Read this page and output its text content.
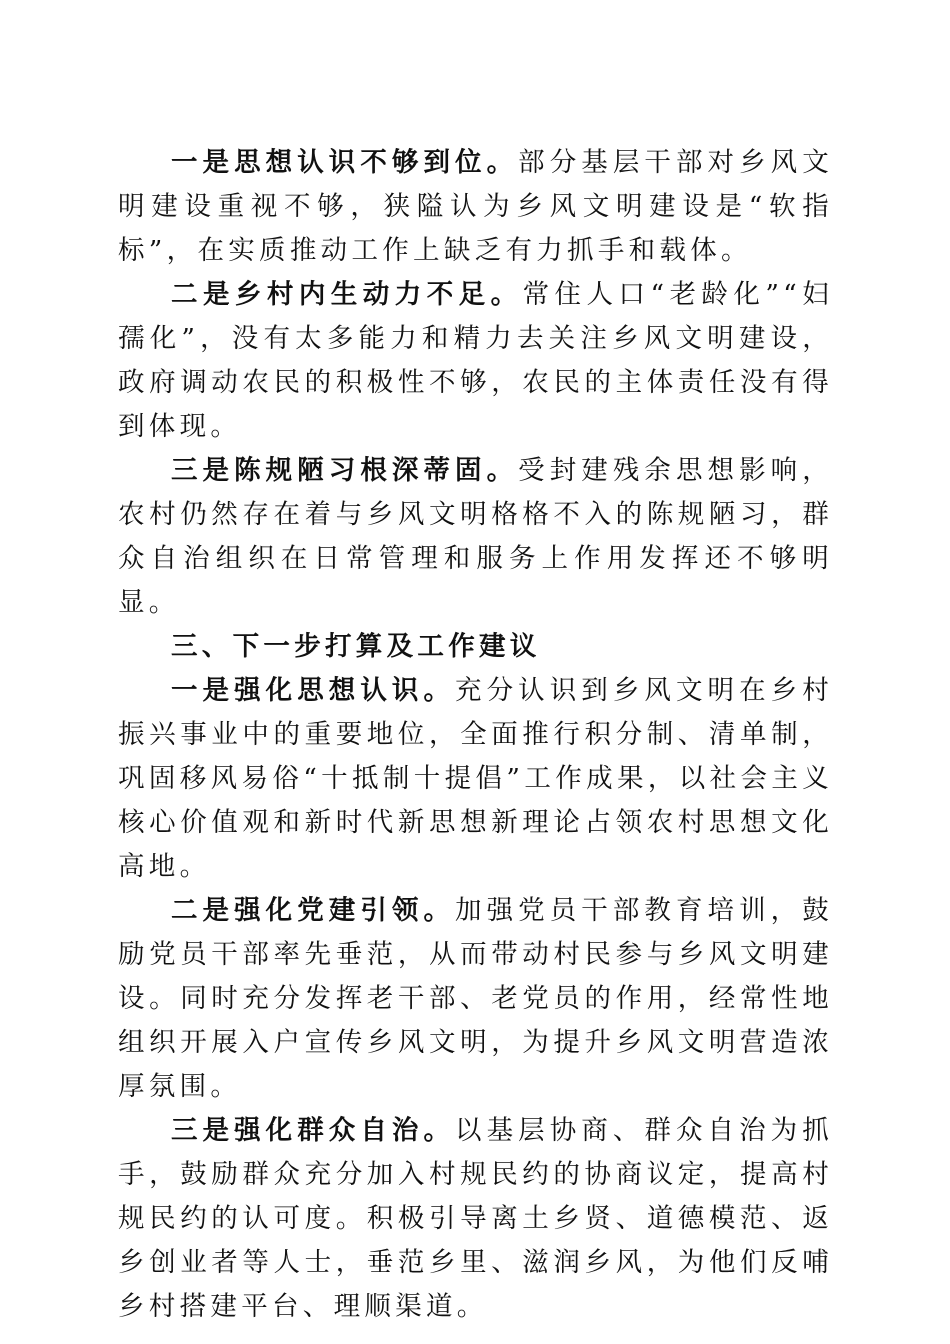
一是思想认识不够到位。部分基层干部对乡风文明建设重视不够，狭隘认为乡风文明建设是“软指标”，在实质推动工作上缺乏有力抓手和载体。

二是乡村内生动力不足。常住人口“老龄化”“妇孺化”，没有太多能力和精力去关注乡风文明建设，政府调动农民的积极性不够，农民的主体责任没有得到体现。

三是陈规陋习根深蒂固。受封建残余思想影响，农村仍然存在着与乡风文明格格不入的陈规陋习，群众自治组织在日常管理和服务上作用发挥还不够明显。

三、下一步打算及工作建议

一是强化思想认识。充分认识到乡风文明在乡村振兴事业中的重要地位，全面推行积分制、清单制，巩固移风易俗“十抵制十提倡”工作成果，以社会主义核心价值观和新时代新思想新理论占领农村思想文化高地。

二是强化党建引领。加强党员干部教育培训，鼓励党员干部率先垂范，从而带动村民参与乡风文明建设。同时充分发挥老干部、老党员的作用，经常性地组织开展入户宣传乡风文明，为提升乡风文明营造浓厚氛围。

三是强化群众自治。以基层协商、群众自治为抓手，鼓励群众充分加入村规民约的协商议定，提高村规民约的认可度。积极引导离土乡贤、道德模范、返乡创业者等人士，垂范乡里、滋润乡风，为他们反哺乡村搭建平台、理顺渠道。
